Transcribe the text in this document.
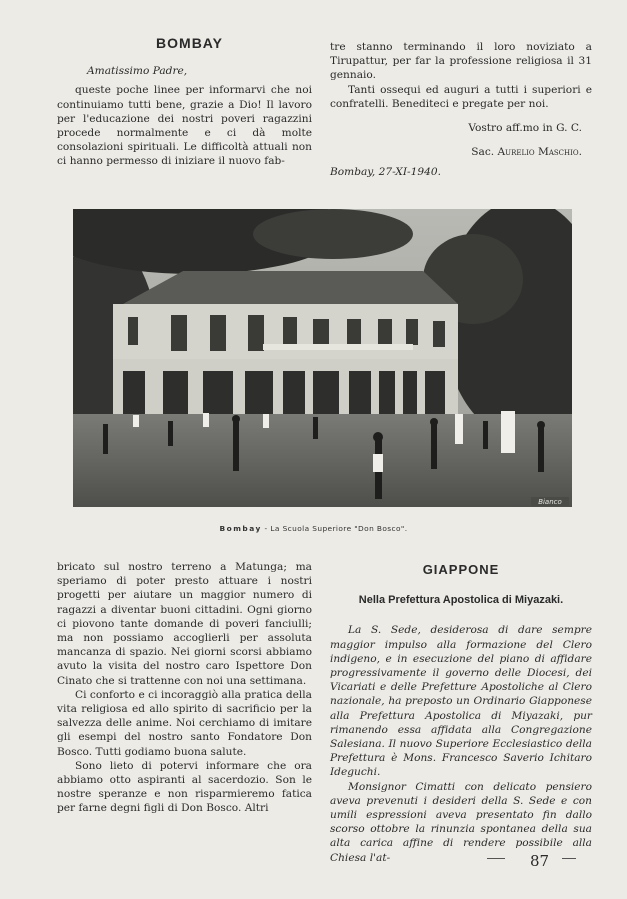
BOMBAY

Amatissimo Padre,

queste poche linee per informarvi che noi continuiamo tutti bene, grazie a Dio! Il lavoro per l'educazione dei nostri poveri ragazzini procede normalmente e ci dà molte consolazioni spirituali. Le difficoltà attuali non ci hanno permesso di iniziare il nuovo fab-

tre stanno terminando il loro noviziato a Tirupattur, per far la professione religiosa il 31 gennaio.

Tanti ossequi ed auguri a tutti i superiori e confratelli. Benediteci e pregate per noi.

Vostro aff.mo in G. C.

Sac. Aurelio Maschio.

Bombay, 27-XI-1940.

Bianco
Bombay - La Scuola Superiore "Don Bosco".

bricato sul nostro terreno a Matunga; ma speriamo di poter presto attuare i nostri progetti per aiutare un maggior numero di ragazzi a diventar buoni cittadini. Ogni giorno ci piovono tante domande di poveri fanciulli; ma non possiamo accoglierli per assoluta mancanza di spazio. Nei giorni scorsi abbiamo avuto la visita del nostro caro Ispettore Don Cinato che si trattenne con noi una settimana.

Ci conforto e ci incoraggiò alla pratica della vita religiosa ed allo spirito di sacrificio per la salvezza delle anime. Noi cerchiamo di imitare gli esempi del nostro santo Fondatore Don Bosco. Tutti godiamo buona salute.

Sono lieto di potervi informare che ora abbiamo otto aspiranti al sacerdozio. Son le nostre speranze e non risparmieremo fatica per farne degni figli di Don Bosco. Altri

GIAPPONE
Nella Prefettura Apostolica di Miyazaki.

La S. Sede, desiderosa di dare sempre maggior impulso alla formazione del Clero indigeno, e in esecuzione del piano di affidare progressivamente il governo delle Diocesi, dei Vicariati e delle Prefetture Apostoliche al Clero nazionale, ha preposto un Ordinario Giapponese alla Prefettura Apostolica di Miyazaki, pur rimanendo essa affidata alla Congregazione Salesiana. Il nuovo Superiore Ecclesiastico della Prefettura è Mons. Francesco Saverio Ichitaro Ideguchi.

Monsignor Cimatti con delicato pensiero aveva prevenuti i desideri della S. Sede e con umili espressioni aveva presentato fin dallo scorso ottobre la rinunzia spontanea della sua alta carica affine di rendere possibile alla Chiesa l'at-	87
